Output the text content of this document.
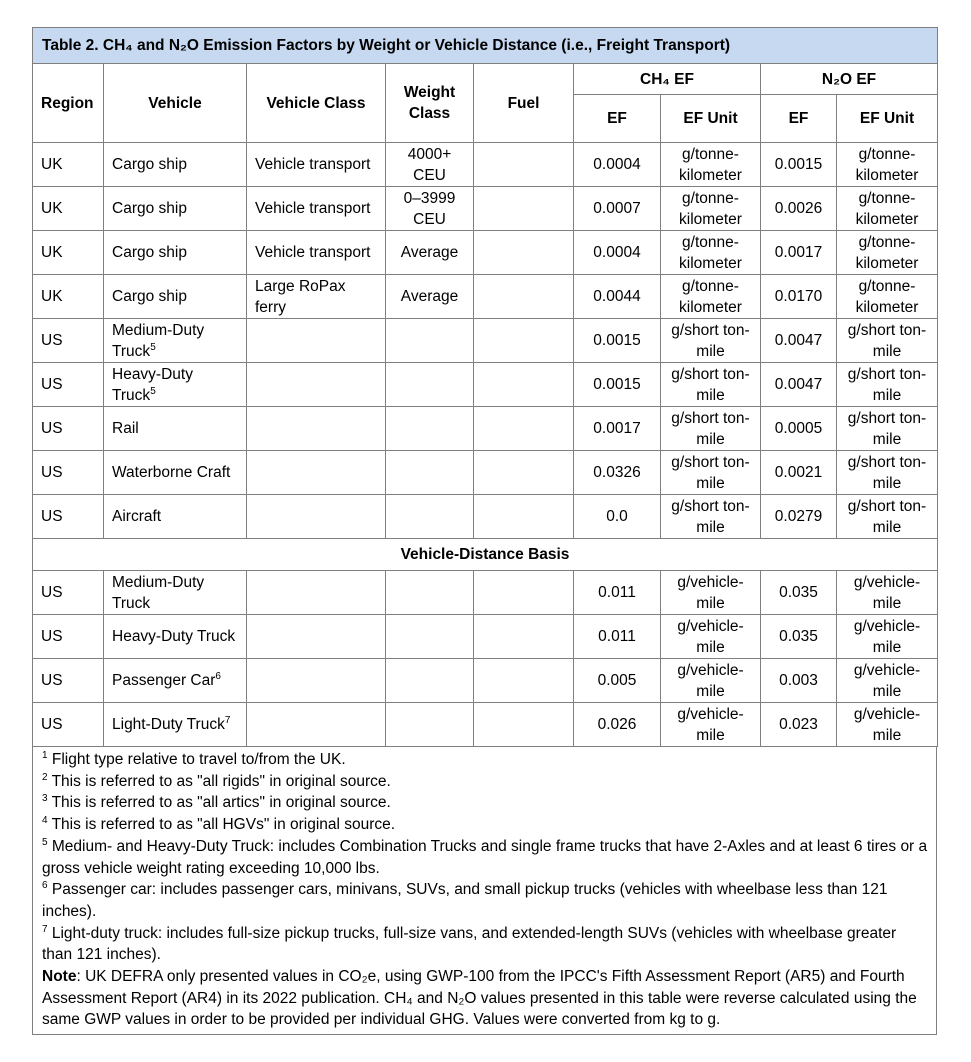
Table 2. CH₄ and N₂O Emission Factors by Weight or Vehicle Distance (i.e., Freight Transport)								
Region	Vehicle	Vehicle Class	Weight Class	Fuel	CH₄ EF		N₂O EF	
					EF	EF Unit	EF	EF Unit
UK	Cargo ship	Vehicle transport	4000+ CEU		0.0004	g/tonne-kilometer	0.0015	g/tonne-kilometer
UK	Cargo ship	Vehicle transport	0–3999 CEU		0.0007	g/tonne-kilometer	0.0026	g/tonne-kilometer
UK	Cargo ship	Vehicle transport	Average		0.0004	g/tonne-kilometer	0.0017	g/tonne-kilometer
UK	Cargo ship	Large RoPax ferry	Average		0.0044	g/tonne-kilometer	0.0170	g/tonne-kilometer
US	Medium-Duty Truck$^5$				0.0015	g/short ton-mile	0.0047	g/short ton-mile
US	Heavy-Duty Truck$^5$				0.0015	g/short ton-mile	0.0047	g/short ton-mile
US	Rail				0.0017	g/short ton-mile	0.0005	g/short ton-mile
US	Waterborne Craft				0.0326	g/short ton-mile	0.0021	g/short ton-mile
US	Aircraft				0.0	g/short ton-mile	0.0279	g/short ton-mile
Vehicle-Distance Basis								
US	Medium-Duty Truck				0.011	g/vehicle-mile	0.035	g/vehicle-mile
US	Heavy-Duty Truck				0.011	g/vehicle-mile	0.035	g/vehicle-mile
US	Passenger Car$^6$				0.005	g/vehicle-mile	0.003	g/vehicle-mile
US	Light-Duty Truck$^7$				0.026	g/vehicle-mile	0.023	g/vehicle-mile

$^1$ Flight type relative to travel to/from the UK.

$^2$ This is referred to as "all rigids" in original source.

$^3$ This is referred to as "all artics" in original source.

$^4$ This is referred to as "all HGVs" in original source.

$^5$ Medium- and Heavy-Duty Truck: includes Combination Trucks and single frame trucks that have 2-Axles and at least 6 tires or a gross vehicle weight rating exceeding 10,000 lbs.

$^6$ Passenger car: includes passenger cars, minivans, SUVs, and small pickup trucks (vehicles with wheelbase less than 121 inches).

$^7$ Light-duty truck: includes full-size pickup trucks, full-size vans, and extended-length SUVs (vehicles with wheelbase greater than 121 inches).

Note: UK DEFRA only presented values in CO₂e, using GWP-100 from the IPCC's Fifth Assessment Report (AR5) and Fourth Assessment Report (AR4) in its 2022 publication. CH₄ and N₂O values presented in this table were reverse calculated using the same GWP values in order to be provided per individual GHG. Values were converted from kg to g.
